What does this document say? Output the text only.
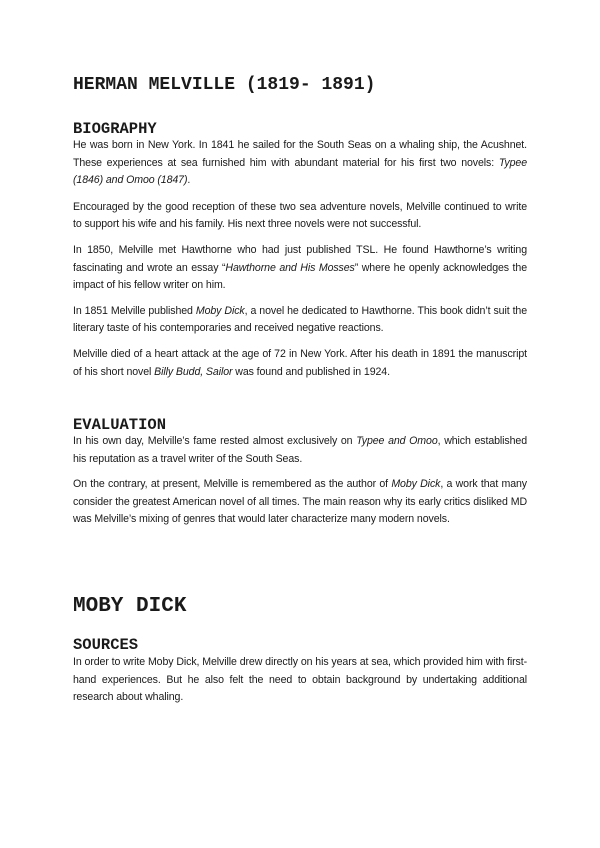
HERMAN MELVILLE (1819- 1891)
BIOGRAPHY

He was born in New York. In 1841 he sailed for the South Seas on a whaling ship, the Acushnet. These experiences at sea furnished him with abundant material for his first two novels: Typee (1846) and Omoo (1847).

Encouraged by the good reception of these two sea adventure novels, Melville continued to write to support his wife and his family. His next three novels were not successful.

In 1850, Melville met Hawthorne who had just published TSL. He found Hawthorne’s writing fascinating and wrote an essay “Hawthorne and His Mosses” where he openly acknowledges the impact of his fellow writer on him.

In 1851 Melville published Moby Dick, a novel he dedicated to Hawthorne. This book didn’t suit the literary taste of his contemporaries and received negative reactions.

Melville died of a heart attack at the age of 72 in New York. After his death in 1891 the manuscript of his short novel Billy Budd, Sailor was found and published in 1924.

EVALUATION

In his own day, Melville’s fame rested almost exclusively on Typee and Omoo, which established his reputation as a travel writer of the South Seas.

On the contrary, at present, Melville is remembered as the author of Moby Dick, a work that many consider the greatest American novel of all times. The main reason why its early critics disliked MD was Melville’s mixing of genres that would later characterize many modern novels.

MOBY DICK
SOURCES

In order to write Moby Dick, Melville drew directly on his years at sea, which provided him with first-hand experiences. But he also felt the need to obtain background by undertaking additional research about whaling.
